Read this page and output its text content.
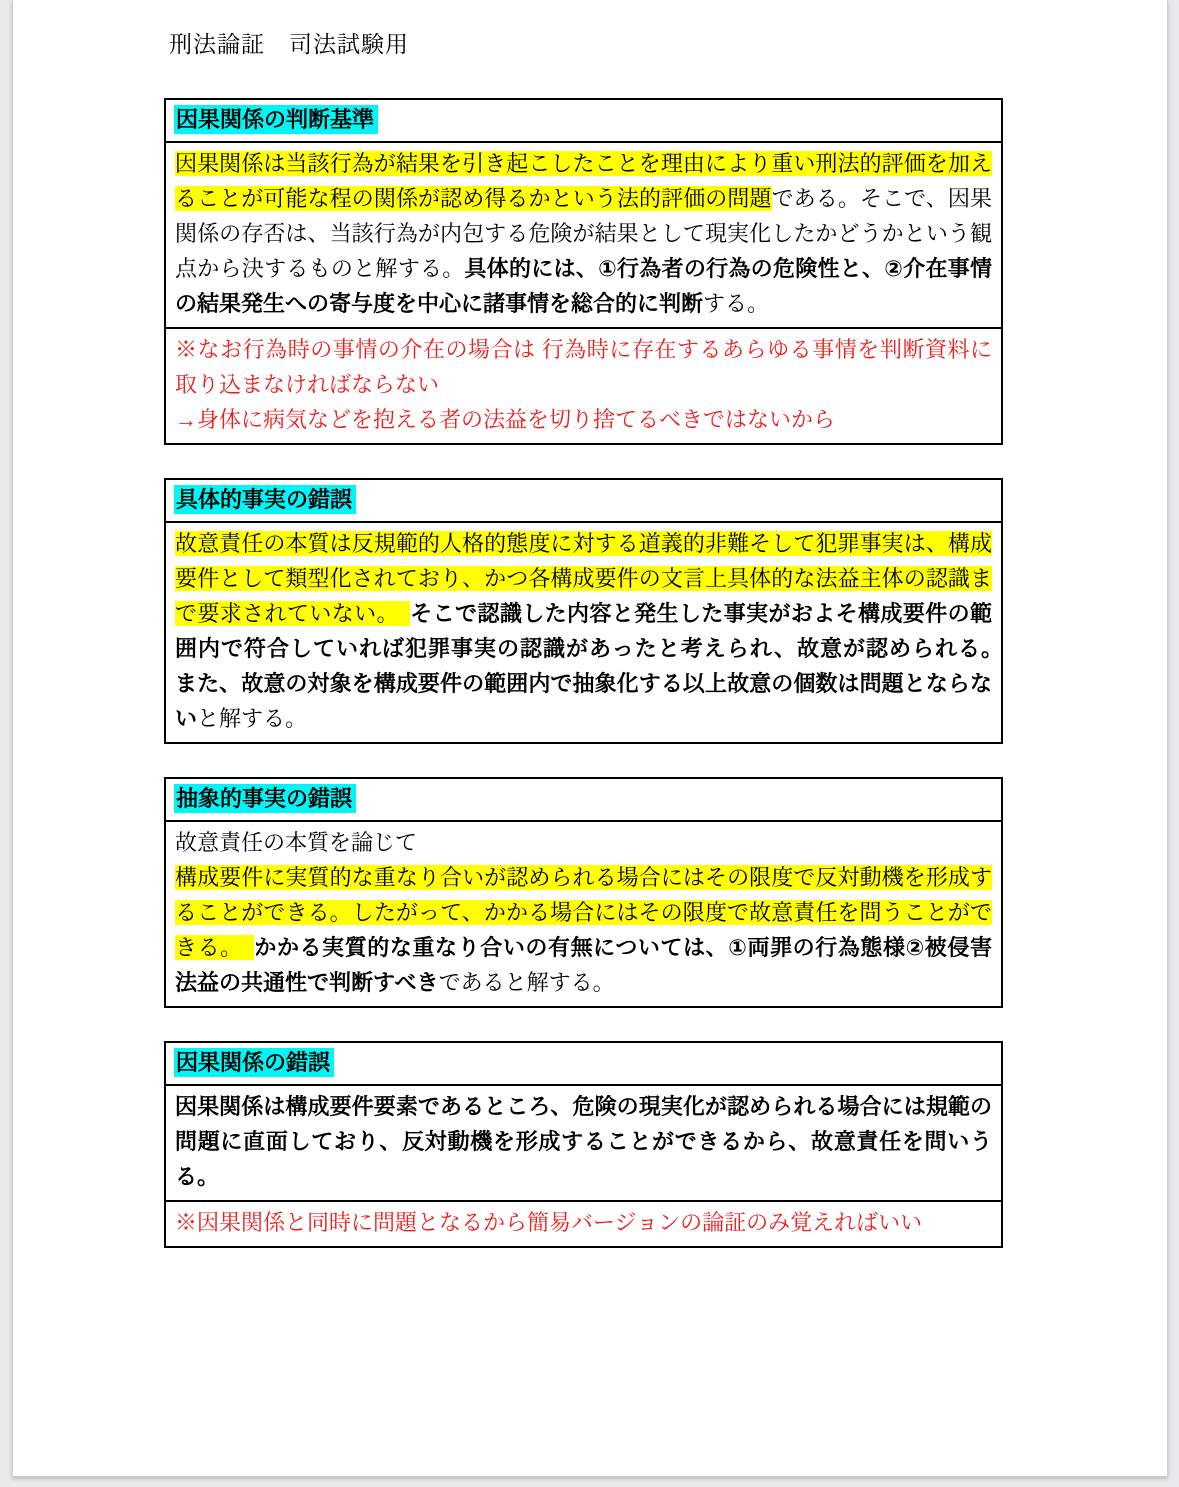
刑法論証　司法試験用
因果関係の判断基準

因果関係は当該行為が結果を引き起こしたことを理由により重い刑法的評価を加えることが可能な程の関係が認め得るかという法的評価の問題である。そこで、因果関係の存否は、当該行為が内包する危険が結果として現実化したかどうかという観点から決するものと解する。具体的には、①行為者の行為の危険性と、②介在事情の結果発生への寄与度を中心に諸事情を総合的に判断する。

※なお行為時の事情の介在の場合は 行為時に存在するあらゆる事情を判断資料に取り込まなければならない

→身体に病気などを抱える者の法益を切り捨てるべきではないから

具体的事実の錯誤

故意責任の本質は反規範的人格的態度に対する道義的非難そして犯罪事実は、構成要件として類型化されており、かつ各構成要件の文言上具体的な法益主体の認識まで要求されていない。　そこで認識した内容と発生した事実がおよそ構成要件の範囲内で符合していれば犯罪事実の認識があったと考えられ、故意が認められる。　また、故意の対象を構成要件の範囲内で抽象化する以上故意の個数は問題とならないと解する。

抽象的事実の錯誤

故意責任の本質を論じて

構成要件に実質的な重なり合いが認められる場合にはその限度で反対動機を形成することができる。したがって、かかる場合にはその限度で故意責任を問うことができる。　かかる実質的な重なり合いの有無については、①両罪の行為態様②被侵害法益の共通性で判断すべきであると解する。

因果関係の錯誤

因果関係は構成要件要素であるところ、危険の現実化が認められる場合には規範の問題に直面しており、反対動機を形成することができるから、故意責任を問いうる。

※因果関係と同時に問題となるから簡易バージョンの論証のみ覚えればいい
